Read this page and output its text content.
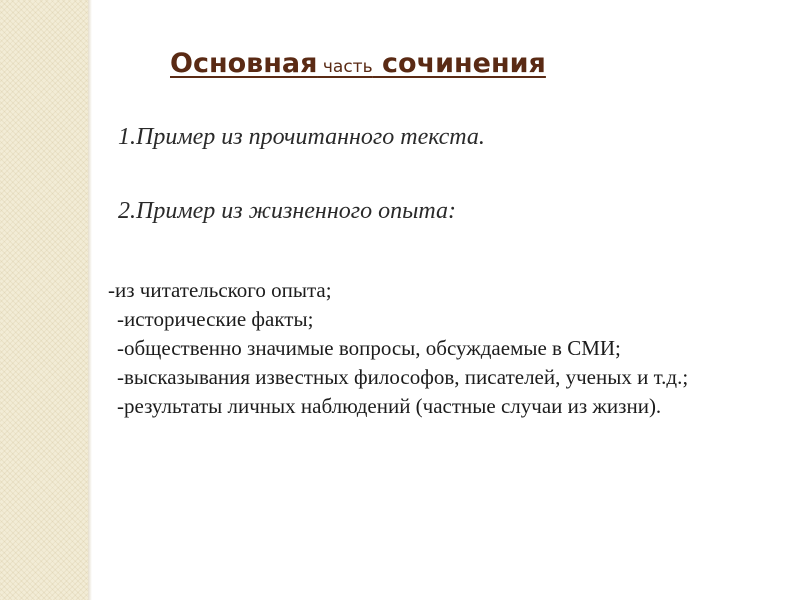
Основная часть сочинения

1.Пример из прочитанного текста.

2.Пример из жизненного опыта:

-из читательского опыта;
-исторические факты;
-общественно значимые вопросы, обсуждаемые в СМИ;
-высказывания известных философов, писателей, ученых и т.д.;
-результаты личных наблюдений (частные случаи из жизни).
